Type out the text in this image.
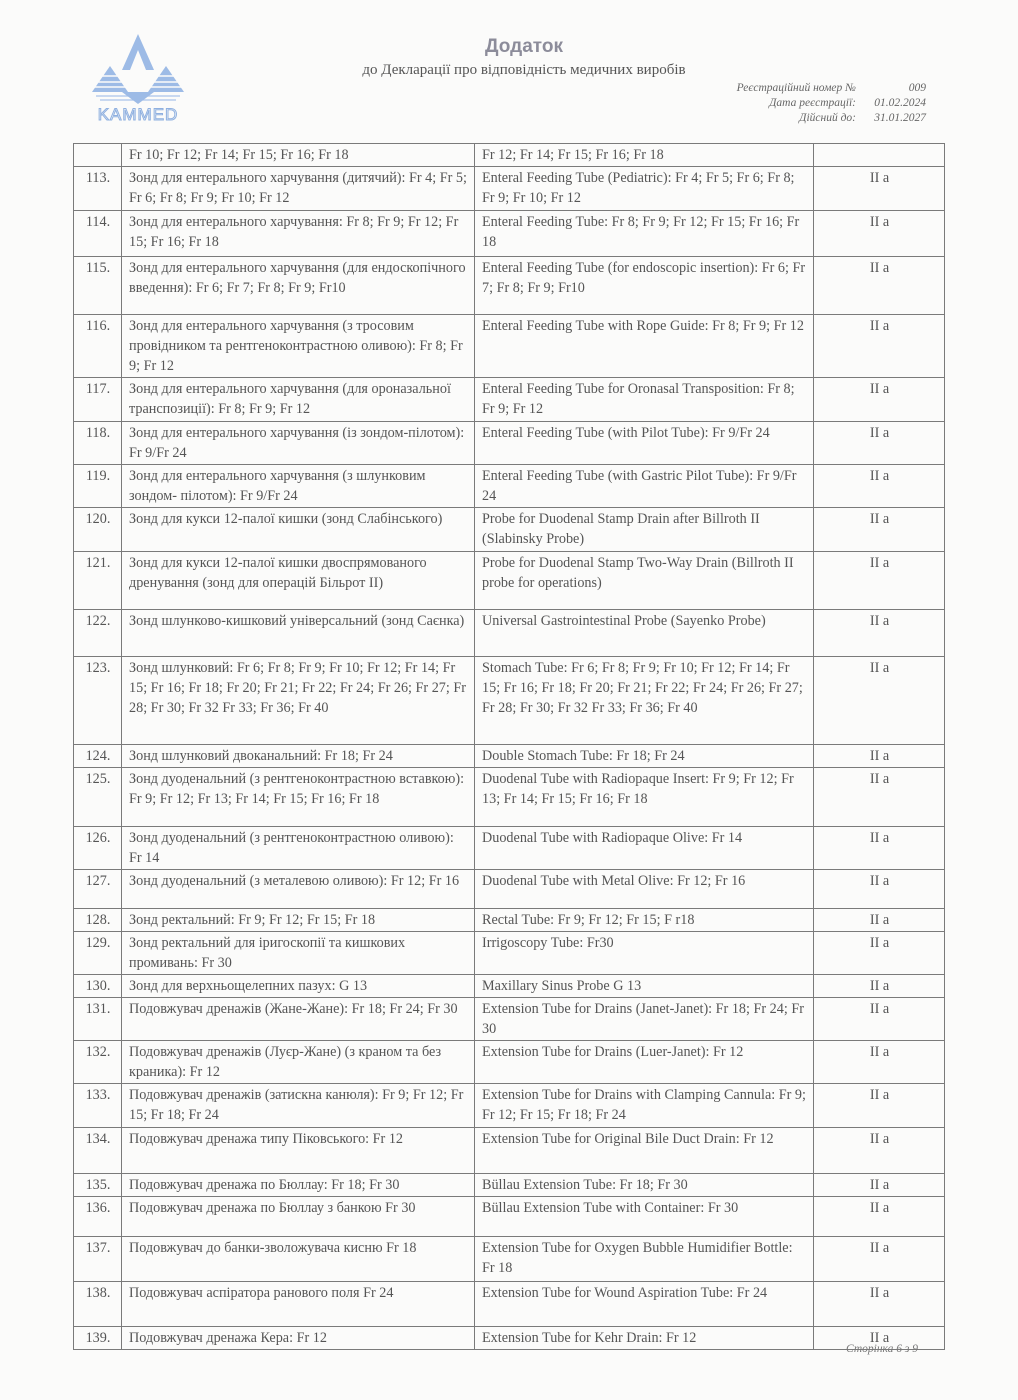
KAMMED
Додаток
до Декларації про відповідність медичних виробів
Реєстраційний номер №	009
Дата реєстрації:	01.02.2024
Дійсний до:	31.01.2027
	Fr 10; Fr 12; Fr 14; Fr 15; Fr 16; Fr 18	Fr 12; Fr 14; Fr 15; Fr 16; Fr 18	
113.	Зонд для ентерального харчування (дитячий): Fr 4; Fr 5; Fr 6; Fr 8; Fr 9; Fr 10; Fr 12	Enteral Feeding Tube (Pediatric): Fr 4; Fr 5; Fr 6; Fr 8; Fr 9; Fr 10; Fr 12	II a
114.	Зонд для ентерального харчування: Fr 8; Fr 9; Fr 12; Fr 15; Fr 16; Fr 18	Enteral Feeding Tube: Fr 8; Fr 9; Fr 12; Fr 15; Fr 16; Fr 18	II a
115.	Зонд для ентерального харчування (для ендоскопічного введення): Fr 6; Fr 7; Fr 8; Fr 9; Fr10	Enteral Feeding Tube (for endoscopic insertion): Fr 6; Fr 7; Fr 8; Fr 9; Fr10	II a
116.	Зонд для ентерального харчування (з тросовим провідником та рентгеноконтрастною оливою): Fr 8; Fr 9; Fr 12	Enteral Feeding Tube with Rope Guide: Fr 8; Fr 9; Fr 12	II a
117.	Зонд для ентерального харчування (для ороназальної транспозиції): Fr 8; Fr 9; Fr 12	Enteral Feeding Tube for Oronasal Transposition: Fr 8; Fr 9; Fr 12	II a
118.	Зонд для ентерального харчування (із зондом-пілотом): Fr 9/Fr 24	Enteral Feeding Tube (with Pilot Tube): Fr 9/Fr 24	II a
119.	Зонд для ентерального харчування (з шлунковим зондом- пілотом): Fr 9/Fr 24	Enteral Feeding Tube (with Gastric Pilot Tube): Fr 9/Fr 24	II a
120.	Зонд для кукси 12-палої кишки (зонд Слабінського)	Probe for Duodenal Stamp Drain after Billroth II (Slabinsky Probe)	II a
121.	Зонд для кукси 12-палої кишки двоспрямованого дренування (зонд для операцій Більрот II)	Probe for Duodenal Stamp Two-Way Drain (Billroth II probe for operations)	II a
122.	Зонд шлунково-кишковий універсальний (зонд Саєнка)	Universal Gastrointestinal Probe (Sayenko Probe)	II a
123.	Зонд шлунковий: Fr 6; Fr 8; Fr 9; Fr 10; Fr 12; Fr 14; Fr 15; Fr 16; Fr 18; Fr 20; Fr 21; Fr 22; Fr 24; Fr 26; Fr 27; Fr 28; Fr 30; Fr 32 Fr 33; Fr 36; Fr 40	Stomach Tube: Fr 6; Fr 8; Fr 9; Fr 10; Fr 12; Fr 14; Fr 15; Fr 16; Fr 18; Fr 20; Fr 21; Fr 22; Fr 24; Fr 26; Fr 27; Fr 28; Fr 30; Fr 32 Fr 33; Fr 36; Fr 40	II a
124.	Зонд шлунковий двоканальний: Fr 18; Fr 24	Double Stomach Tube: Fr 18; Fr 24	II a
125.	Зонд дуоденальний (з рентгеноконтрастною вставкою): Fr 9; Fr 12; Fr 13; Fr 14; Fr 15; Fr 16; Fr 18	Duodenal Tube with Radiopaque Insert: Fr 9; Fr 12; Fr 13; Fr 14; Fr 15; Fr 16; Fr 18	II a
126.	Зонд дуоденальний (з рентгеноконтрастною оливою): Fr 14	Duodenal Tube with Radiopaque Olive: Fr 14	II a
127.	Зонд дуоденальний (з металевою оливою): Fr 12; Fr 16	Duodenal Tube with Metal Olive: Fr 12; Fr 16	II a
128.	Зонд ректальний: Fr 9; Fr 12; Fr 15; Fr 18	Rectal Tube: Fr 9; Fr 12; Fr 15; F r18	II a
129.	Зонд ректальний для іригоскопії та кишкових промивань: Fr 30	Irrigoscopy Tube: Fr30	II a
130.	Зонд для верхньощелепних пазух: G 13	Maxillary Sinus Probe G 13	II a
131.	Подовжувач дренажів (Жане-Жане): Fr 18; Fr 24; Fr 30	Extension Tube for Drains (Janet-Janet): Fr 18; Fr 24; Fr 30	II a
132.	Подовжувач дренажів (Луєр-Жане) (з краном та без краника): Fr 12	Extension Tube for Drains (Luer-Janet): Fr 12	II a
133.	Подовжувач дренажів (затискна канюля): Fr 9; Fr 12; Fr 15; Fr 18; Fr 24	Extension Tube for Drains with Clamping Cannula: Fr 9; Fr 12; Fr 15; Fr 18; Fr 24	II a
134.	Подовжувач дренажа типу Піковського: Fr 12	Extension Tube for Original Bile Duct Drain: Fr 12	II a
135.	Подовжувач дренажа по Бюллау: Fr 18; Fr 30	Büllau Extension Tube: Fr 18; Fr 30	II a
136.	Подовжувач дренажа по Бюллау з банкою Fr 30	Büllau Extension Tube with Container: Fr 30	II a
137.	Подовжувач до банки-зволожувача кисню Fr 18	Extension Tube for Oxygen Bubble Humidifier Bottle: Fr 18	II a
138.	Подовжувач аспіратора ранового поля Fr 24	Extension Tube for Wound Aspiration Tube: Fr 24	II a
139.	Подовжувач дренажа Кера: Fr 12	Extension Tube for Kehr Drain: Fr 12	II a
Сторінка 6 з 9
